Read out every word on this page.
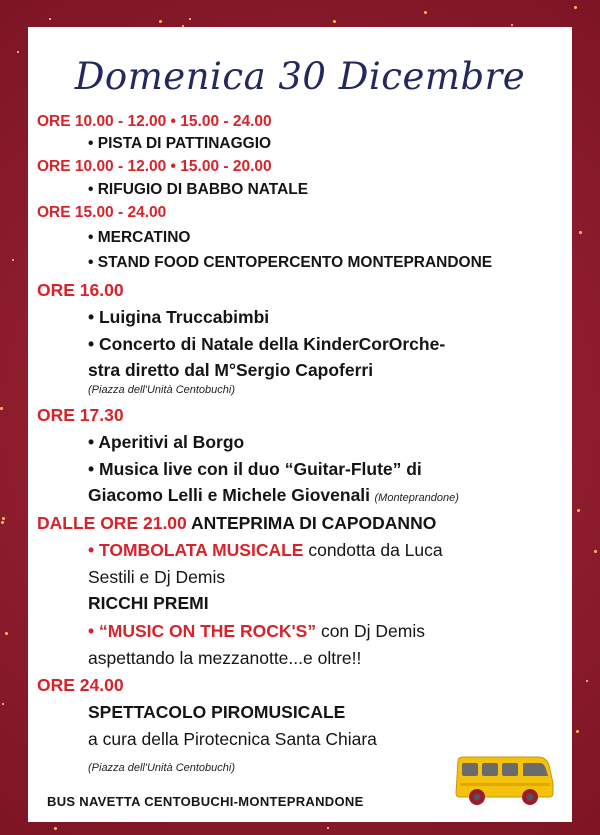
Domenica 30 Dicembre
ORE 10.00 - 12.00 • 15.00 - 24.00
• PISTA DI PATTINAGGIO
ORE 10.00 - 12.00 • 15.00 - 20.00
• RIFUGIO DI BABBO NATALE
ORE 15.00 - 24.00
• MERCATINO
• STAND FOOD CENTOPERCENTO MONTEPRANDONE
ORE 16.00
• Luigina Truccabimbi
• Concerto di Natale della KinderCorOrche-
stra diretto dal M°Sergio Capoferri
(Piazza dell'Unità Centobuchi)
ORE 17.30
• Aperitivi al Borgo
• Musica live con il duo “Guitar-Flute” di
Giacomo Lelli e Michele Giovenali (Monteprandone)
DALLE ORE 21.00 ANTEPRIMA DI CAPODANNO
• TOMBOLATA MUSICALE condotta da Luca
Sestili e Dj Demis
RICCHI PREMI
• “MUSIC ON THE ROCK'S” con Dj Demis
aspettando la mezzanotte...e oltre!!
ORE 24.00
SPETTACOLO PIROMUSICALE
a cura della Pirotecnica Santa Chiara
(Piazza dell'Unità Centobuchi)
BUS NAVETTA CENTOBUCHI-MONTEPRANDONE
